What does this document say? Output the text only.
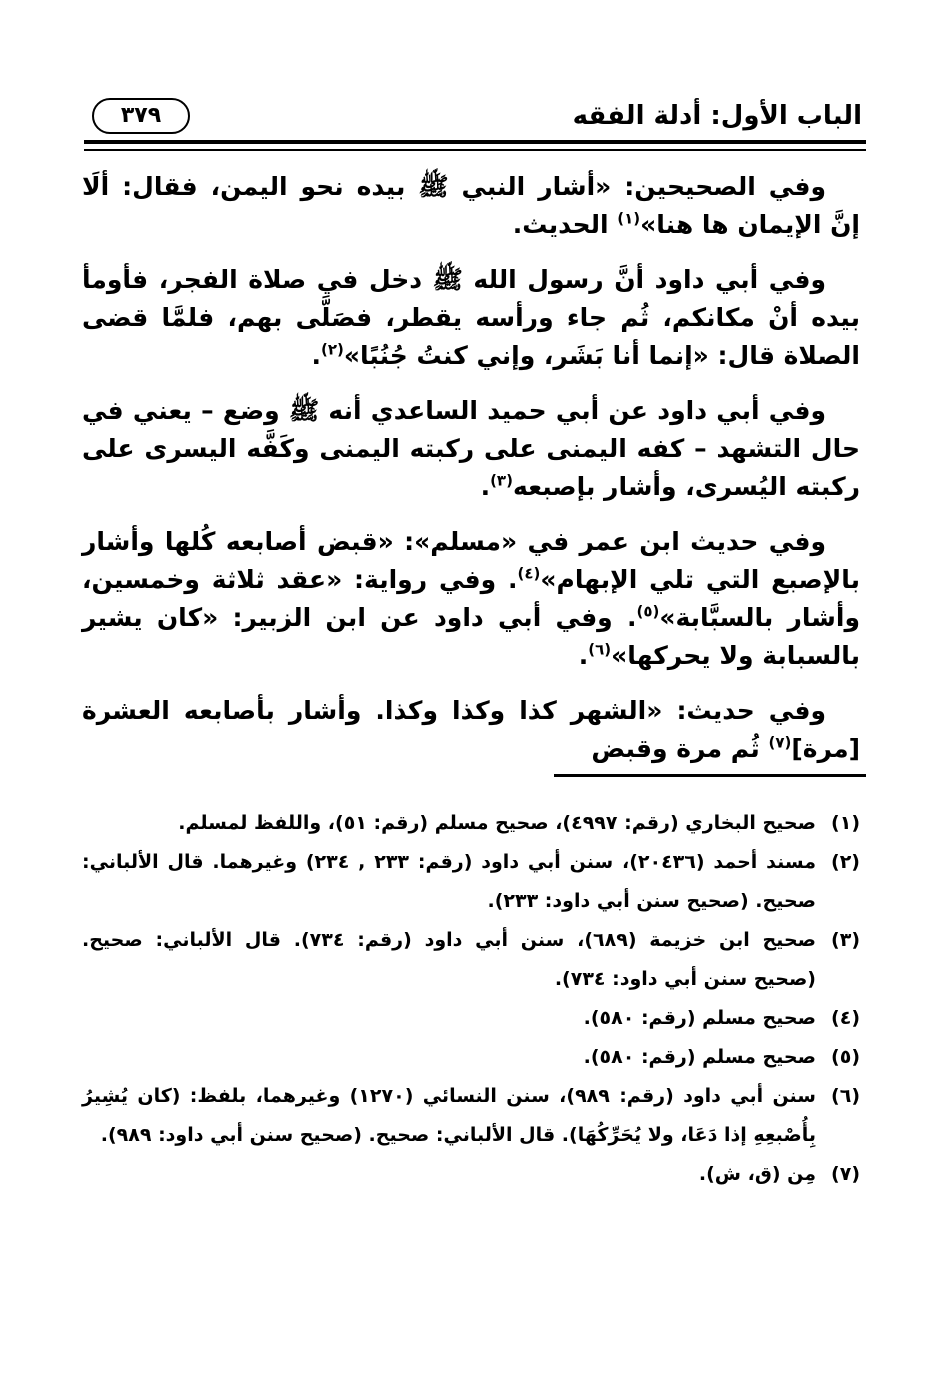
الباب الأول: أدلة الفقه
٣٧٩

وفي الصحيحين: «أشار النبي ﷺ بيده نحو اليمن، فقال: ألَا إنَّ الإيمان ها هنا»$^{(١)}$ الحديث.

وفي أبي داود أنَّ رسول الله ﷺ دخل في صلاة الفجر، فأومأ بيده أنْ مكانكم، ثُم جاء ورأسه يقطر، فصَلَّى بهم، فلمَّا قضى الصلاة قال: «إنما أنا بَشَر، وإني كنتُ جُنُبًا»$^{(٢)}$.

وفي أبي داود عن أبي حميد الساعدي أنه ﷺ وضع – يعني في حال التشهد – كفه اليمنى على ركبته اليمنى وكَفَّه اليسرى على ركبته اليُسرى، وأشار بإصبعه$^{(٣)}$.

وفي حديث ابن عمر في «مسلم»: «قبض أصابعه كُلها وأشار بالإصبع التي تلي الإبهام»$^{(٤)}$. وفي رواية: «عقد ثلاثة وخمسين، وأشار بالسبَّابة»$^{(٥)}$. وفي أبي داود عن ابن الزبير: «كان يشير بالسبابة ولا يحركها»$^{(٦)}$.

وفي حديث: «الشهر كذا وكذا وكذا. وأشار بأصابعه العشرة [مرة]$^{(٧)}$ ثُم مرة وقبض

(١)صحيح البخاري (رقم: ٤٩٩٧)، صحيح مسلم (رقم: ٥١)، واللفظ لمسلم.
(٢)مسند أحمد (٢٠٤٣٦)، سنن أبي داود (رقم: ٢٣٣ , ٢٣٤) وغيرهما. قال الألباني: صحيح. (صحيح سنن أبي داود: ٢٣٣).
(٣)صحيح ابن خزيمة (٦٨٩)، سنن أبي داود (رقم: ٧٣٤). قال الألباني: صحيح. (صحيح سنن أبي داود: ٧٣٤).
(٤)صحيح مسلم (رقم: ٥٨٠).
(٥)صحيح مسلم (رقم: ٥٨٠).
(٦)سنن أبي داود (رقم: ٩٨٩)، سنن النسائي (١٢٧٠) وغيرهما، بلفظ: (كان يُشِيرُ بِأُصْبعِهِ إذا دَعَا، ولا يُحَرِّكُهَا). قال الألباني: صحيح. (صحيح سنن أبي داود: ٩٨٩).
(٧)مِن (ق، ش).
